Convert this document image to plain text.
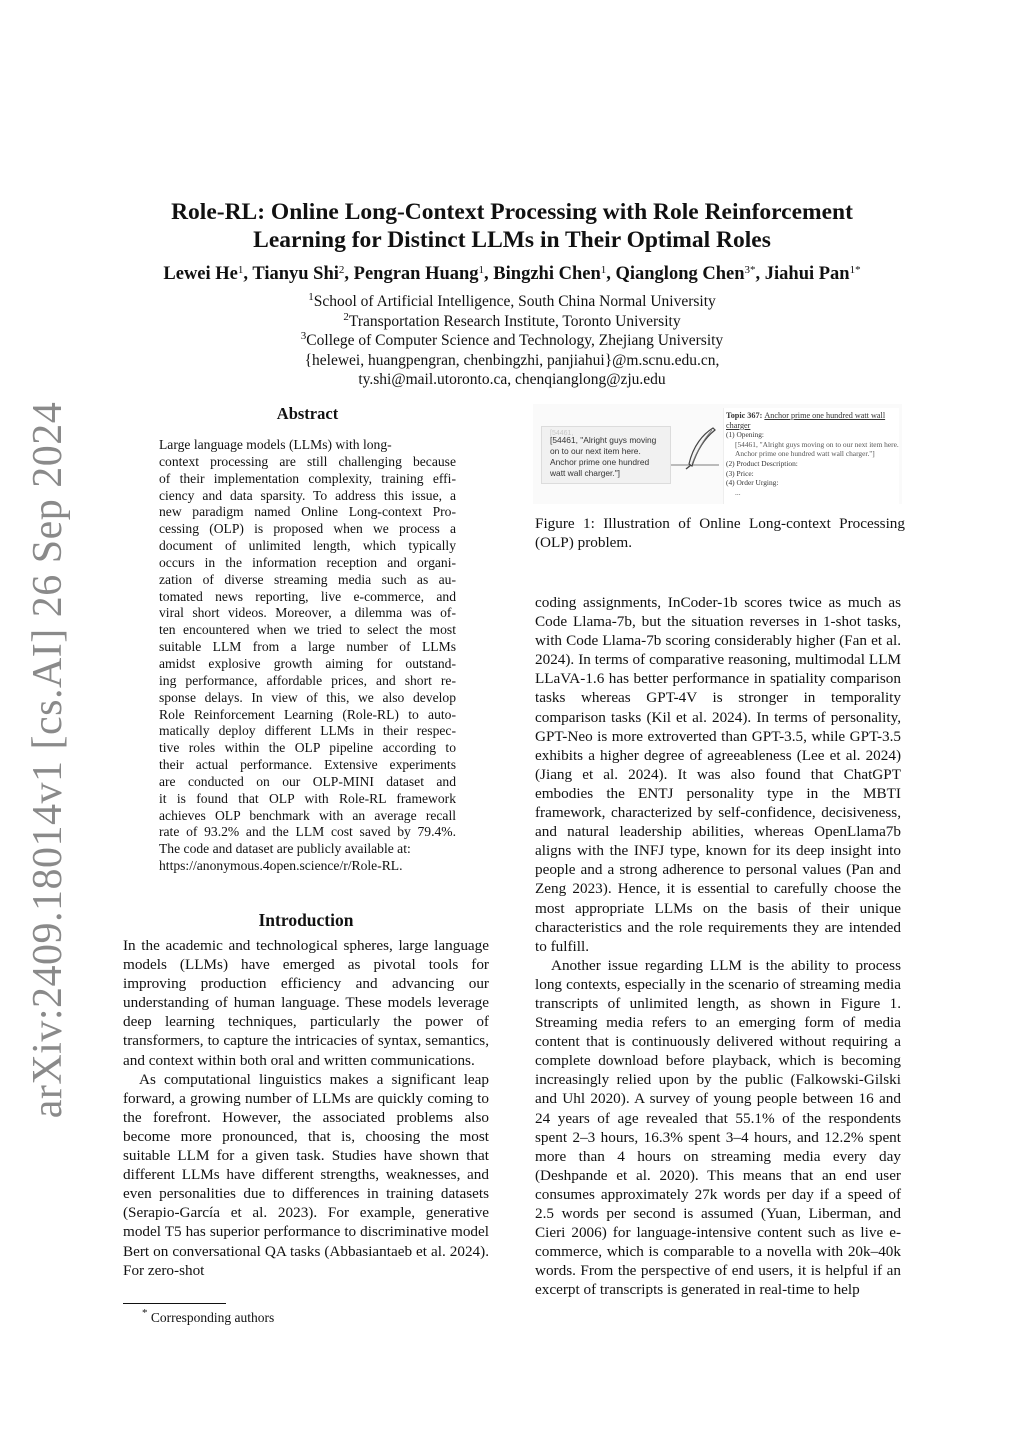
arXiv:2409.18014v1 [cs.AI] 26 Sep 2024
Role-RL: Online Long-Context Processing with Role Reinforcement
Learning for Distinct LLMs in Their Optimal Roles
Lewei He$^1$, Tianyu Shi$^2$, Pengran Huang$^1$, Bingzhi Chen$^1$, Qianglong Chen$^{3*}$, Jiahui Pan$^{1*}$
$^1$School of Artificial Intelligence, South China Normal University
$^2$Transportation Research Institute, Toronto University
$^3$College of Computer Science and Technology, Zhejiang University
{helewei, huangpengran, chenbingzhi, panjiahui}@m.scnu.edu.cn,
ty.shi@mail.utoronto.ca, chenqianglong@zju.edu
Abstract
Large language models (LLMs) with long-
context processing are still challenging because
of their implementation complexity, training effi-
ciency and data sparsity. To address this issue, a
new paradigm named Online Long-context Pro-
cessing (OLP) is proposed when we process a
document of unlimited length, which typically
occurs in the information reception and organi-
zation of diverse streaming media such as au-
tomated news reporting, live e-commerce, and
viral short videos. Moreover, a dilemma was of-
ten encountered when we tried to select the most
suitable LLM from a large number of LLMs
amidst explosive growth aiming for outstand-
ing performance, affordable prices, and short re-
sponse delays. In view of this, we also develop
Role Reinforcement Learning (Role-RL) to auto-
matically deploy different LLMs in their respec-
tive roles within the OLP pipeline according to
their actual performance. Extensive experiments
are conducted on our OLP-MINI dataset and
it is found that OLP with Role-RL framework
achieves OLP benchmark with an average recall
rate of 93.2% and the LLM cost saved by 79.4%.
The code and dataset are publicly available at:
https://anonymous.4open.science/r/Role-RL.
Introduction

In the academic and technological spheres, large language models (LLMs) have emerged as pivotal tools for improving production efficiency and advancing our understanding of human language. These models leverage deep learning techniques, particularly the power of transformers, to capture the intricacies of syntax, semantics, and context within both oral and written communications.

As computational linguistics makes a significant leap forward, a growing number of LLMs are quickly coming to the forefront. However, the associated problems also become more pronounced, that is, choosing the most suitable LLM for a given task. Studies have shown that different LLMs have different strengths, weaknesses, and even personalities due to differences in training datasets (Serapio-García et al. 2023). For example, generative model T5 has superior performance to discriminative model Bert on conversational QA tasks (Abbasiantaeb et al. 2024). For zero-shot

[54461,
[54461, "Alright guys moving on to our next item here. Anchor prime one hundred watt wall charger."]
Topic 367: Anchor prime one hundred watt wall charger
(1) Opening:
[54461, "Alright guys moving on to our next item here. Anchor prime one hundred watt wall charger."]
(2) Product Description:
(3) Price:
(4) Order Urging:
...
Figure 1: Illustration of Online Long-context Processing (OLP) problem.

coding assignments, InCoder-1b scores twice as much as Code Llama-7b, but the situation reverses in 1-shot tasks, with Code Llama-7b scoring considerably higher (Fan et al. 2024). In terms of comparative reasoning, multimodal LLM LLaVA-1.6 has better performance in spatiality comparison tasks whereas GPT-4V is stronger in temporality comparison tasks (Kil et al. 2024). In terms of personality, GPT-Neo is more extroverted than GPT-3.5, while GPT-3.5 exhibits a higher degree of agreeableness (Lee et al. 2024)(Jiang et al. 2024). It was also found that ChatGPT embodies the ENTJ personality type in the MBTI framework, characterized by self-confidence, decisiveness, and natural leadership abilities, whereas OpenLlama7b aligns with the INFJ type, known for its deep insight into people and a strong adherence to personal values (Pan and Zeng 2023). Hence, it is essential to carefully choose the most appropriate LLMs on the basis of their unique characteristics and the role requirements they are intended to fulfill.

Another issue regarding LLM is the ability to process long contexts, especially in the scenario of streaming media transcripts of unlimited length, as shown in Figure 1. Streaming media refers to an emerging form of media content that is continuously delivered without requiring a complete download before playback, which is becoming increasingly relied upon by the public (Falkowski-Gilski and Uhl 2020). A survey of young people between 16 and 24 years of age revealed that 55.1% of the respondents spent 2–3 hours, 16.3% spent 3–4 hours, and 12.2% spent more than 4 hours on streaming media every day (Deshpande et al. 2020). This means that an end user consumes approximately 27k words per day if a speed of 2.5 words per second is assumed (Yuan, Liberman, and Cieri 2006) for language-intensive content such as live e-commerce, which is comparable to a novella with 20k–40k words. From the perspective of end users, it is helpful if an excerpt of transcripts is generated in real-time to help

* Corresponding authors
